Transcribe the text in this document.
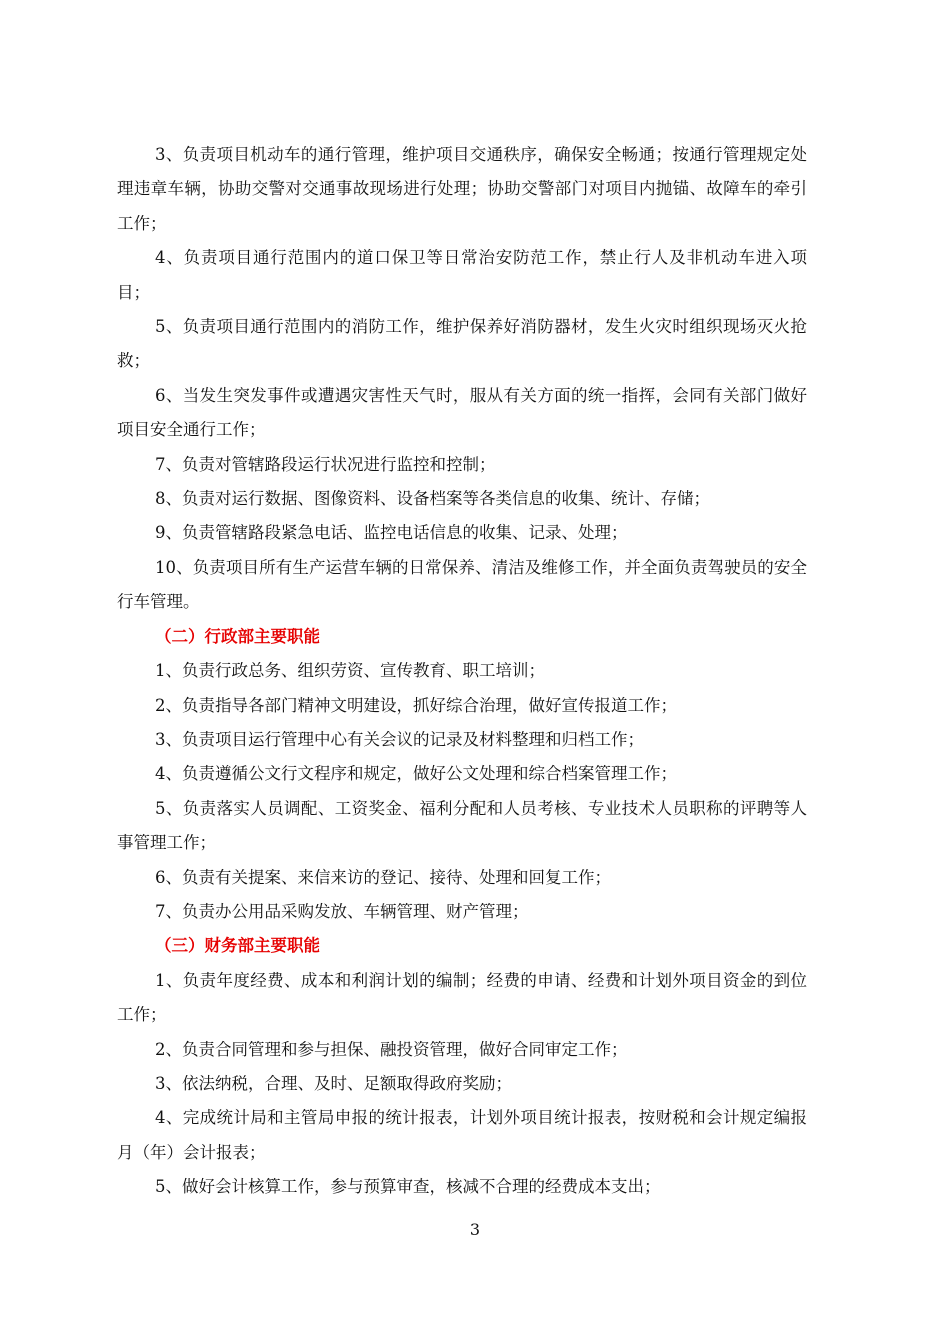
3、负责项目机动车的通行管理，维护项目交通秩序，确保安全畅通；按通行管理规定处理违章车辆，协助交警对交通事故现场进行处理；协助交警部门对项目内抛锚、故障车的牵引工作；

4、负责项目通行范围内的道口保卫等日常治安防范工作，禁止行人及非机动车进入项目；

5、负责项目通行范围内的消防工作，维护保养好消防器材，发生火灾时组织现场灭火抢救；

6、当发生突发事件或遭遇灾害性天气时，服从有关方面的统一指挥，会同有关部门做好项目安全通行工作；

7、负责对管辖路段运行状况进行监控和控制；

8、负责对运行数据、图像资料、设备档案等各类信息的收集、统计、存储；

9、负责管辖路段紧急电话、监控电话信息的收集、记录、处理；

10、负责项目所有生产运营车辆的日常保养、清洁及维修工作，并全面负责驾驶员的安全行车管理。

（二）行政部主要职能

1、负责行政总务、组织劳资、宣传教育、职工培训；

2、负责指导各部门精神文明建设，抓好综合治理，做好宣传报道工作；

3、负责项目运行管理中心有关会议的记录及材料整理和归档工作；

4、负责遵循公文行文程序和规定，做好公文处理和综合档案管理工作；

5、负责落实人员调配、工资奖金、福利分配和人员考核、专业技术人员职称的评聘等人事管理工作；

6、负责有关提案、来信来访的登记、接待、处理和回复工作；

7、负责办公用品采购发放、车辆管理、财产管理；

（三）财务部主要职能

1、负责年度经费、成本和利润计划的编制；经费的申请、经费和计划外项目资金的到位工作；

2、负责合同管理和参与担保、融投资管理，做好合同审定工作；

3、依法纳税，合理、及时、足额取得政府奖励；

4、完成统计局和主管局申报的统计报表，计划外项目统计报表，按财税和会计规定编报月（年）会计报表；

5、做好会计核算工作，参与预算审查，核减不合理的经费成本支出；

3
